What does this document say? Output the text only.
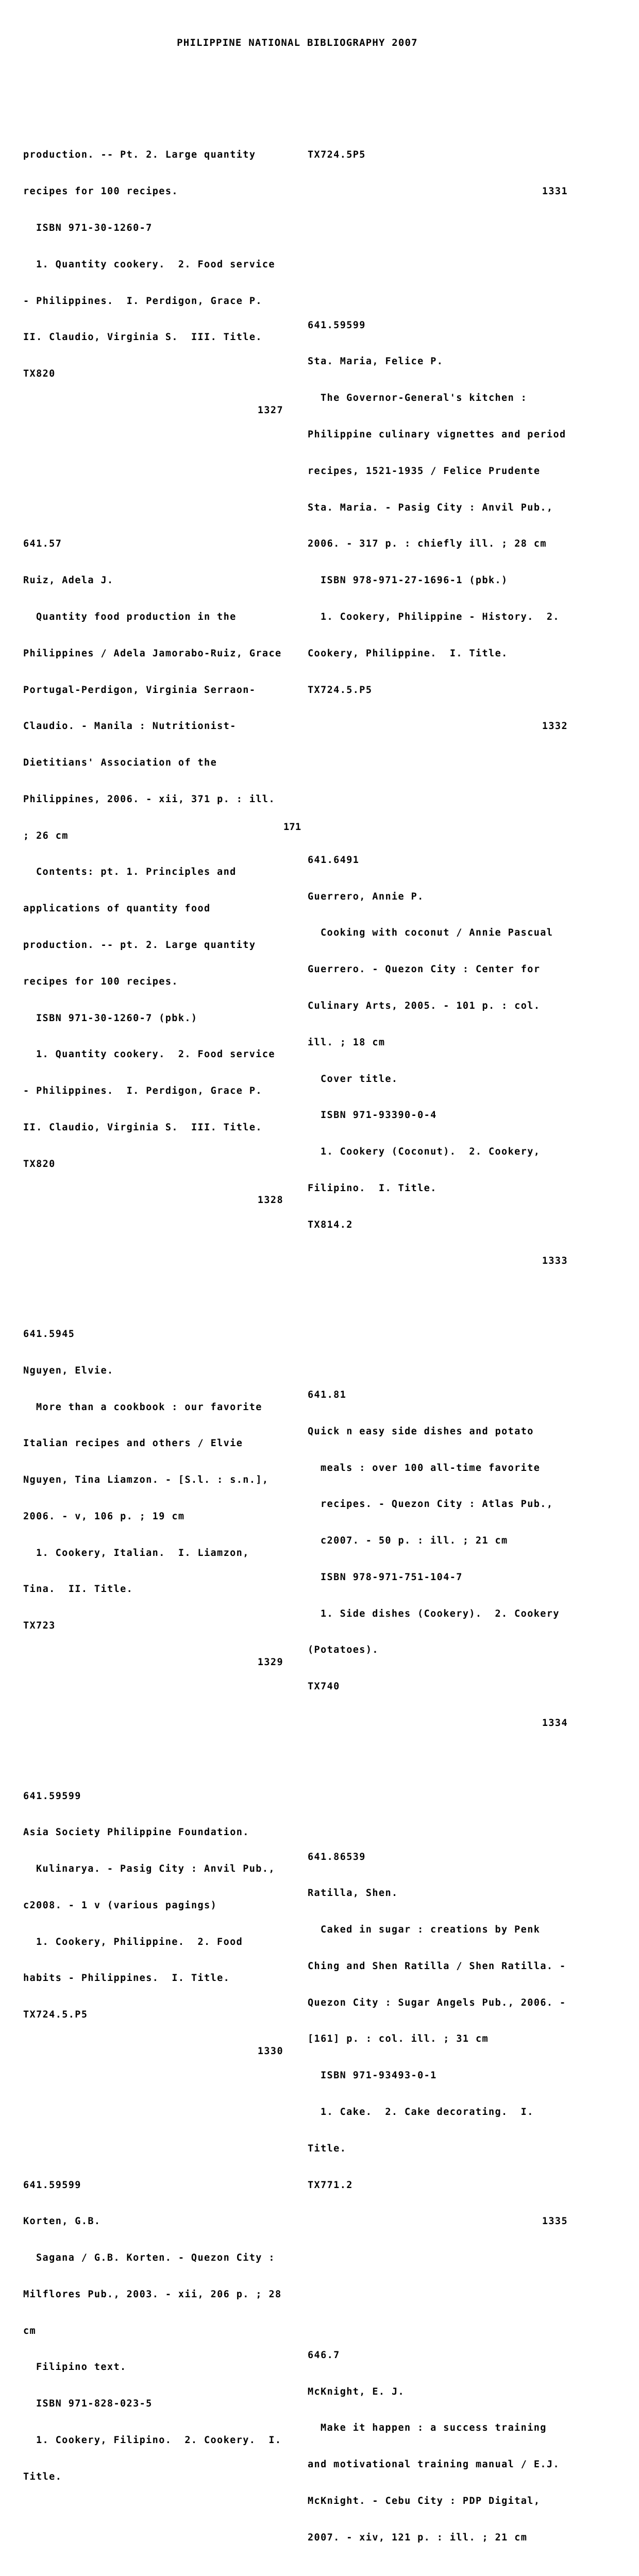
PHILIPPINE NATIONAL BIBLIOGRAPHY 2007

production. -- Pt. 2. Large quantity

recipes for 100 recipes.

ISBN 971-30-1260-7

1. Quantity cookery.  2. Food service

- Philippines.  I. Perdigon, Grace P.

II. Claudio, Virginia S.  III. Title.

TX820

1327

641.57

Ruiz, Adela J.

Quantity food production in the

Philippines / Adela Jamorabo-Ruiz, Grace

Portugal-Perdigon, Virginia Serraon-

Claudio. - Manila : Nutritionist-

Dietitians' Association of the

Philippines, 2006. - xii, 371 p. : ill.

; 26 cm

Contents: pt. 1. Principles and

applications of quantity food

production. -- pt. 2. Large quantity

recipes for 100 recipes.

ISBN 971-30-1260-7 (pbk.)

1. Quantity cookery.  2. Food service

- Philippines.  I. Perdigon, Grace P.

II. Claudio, Virginia S.  III. Title.

TX820

1328

641.5945

Nguyen, Elvie.

More than a cookbook : our favorite

Italian recipes and others / Elvie

Nguyen, Tina Liamzon. - [S.l. : s.n.],

2006. - v, 106 p. ; 19 cm

1. Cookery, Italian.  I. Liamzon,

Tina.  II. Title.

TX723

1329

641.59599

Asia Society Philippine Foundation.

Kulinarya. - Pasig City : Anvil Pub.,

c2008. - 1 v (various pagings)

1. Cookery, Philippine.  2. Food

habits - Philippines.  I. Title.

TX724.5.P5

1330

641.59599

Korten, G.B.

Sagana / G.B. Korten. - Quezon City :

Milflores Pub., 2003. - xii, 206 p. ; 28

cm

Filipino text.

ISBN 971-828-023-5

1. Cookery, Filipino.  2. Cookery.  I.

Title.

TX724.5P5

1331

641.59599

Sta. Maria, Felice P.

The Governor-General's kitchen :

Philippine culinary vignettes and period

recipes, 1521-1935 / Felice Prudente

Sta. Maria. - Pasig City : Anvil Pub.,

2006. - 317 p. : chiefly ill. ; 28 cm

ISBN 978-971-27-1696-1 (pbk.)

1. Cookery, Philippine - History.  2.

Cookery, Philippine.  I. Title.

TX724.5.P5

1332

641.6491

Guerrero, Annie P.

Cooking with coconut / Annie Pascual

Guerrero. - Quezon City : Center for

Culinary Arts, 2005. - 101 p. : col.

ill. ; 18 cm

Cover title.

ISBN 971-93390-0-4

1. Cookery (Coconut).  2. Cookery,

Filipino.  I. Title.

TX814.2

1333

641.81

Quick n easy side dishes and potato

meals : over 100 all-time favorite

recipes. - Quezon City : Atlas Pub.,

c2007. - 50 p. : ill. ; 21 cm

ISBN 978-971-751-104-7

1. Side dishes (Cookery).  2. Cookery

(Potatoes).

TX740

1334

641.86539

Ratilla, Shen.

Caked in sugar : creations by Penk

Ching and Shen Ratilla / Shen Ratilla. -

Quezon City : Sugar Angels Pub., 2006. -

[161] p. : col. ill. ; 31 cm

ISBN 971-93493-0-1

1. Cake.  2. Cake decorating.  I.

Title.

TX771.2

1335

646.7

McKnight, E. J.

Make it happen : a success training

and motivational training manual / E.J.

McKnight. - Cebu City : PDP Digital,

2007. - xiv, 121 p. : ill. ; 21 cm

171
